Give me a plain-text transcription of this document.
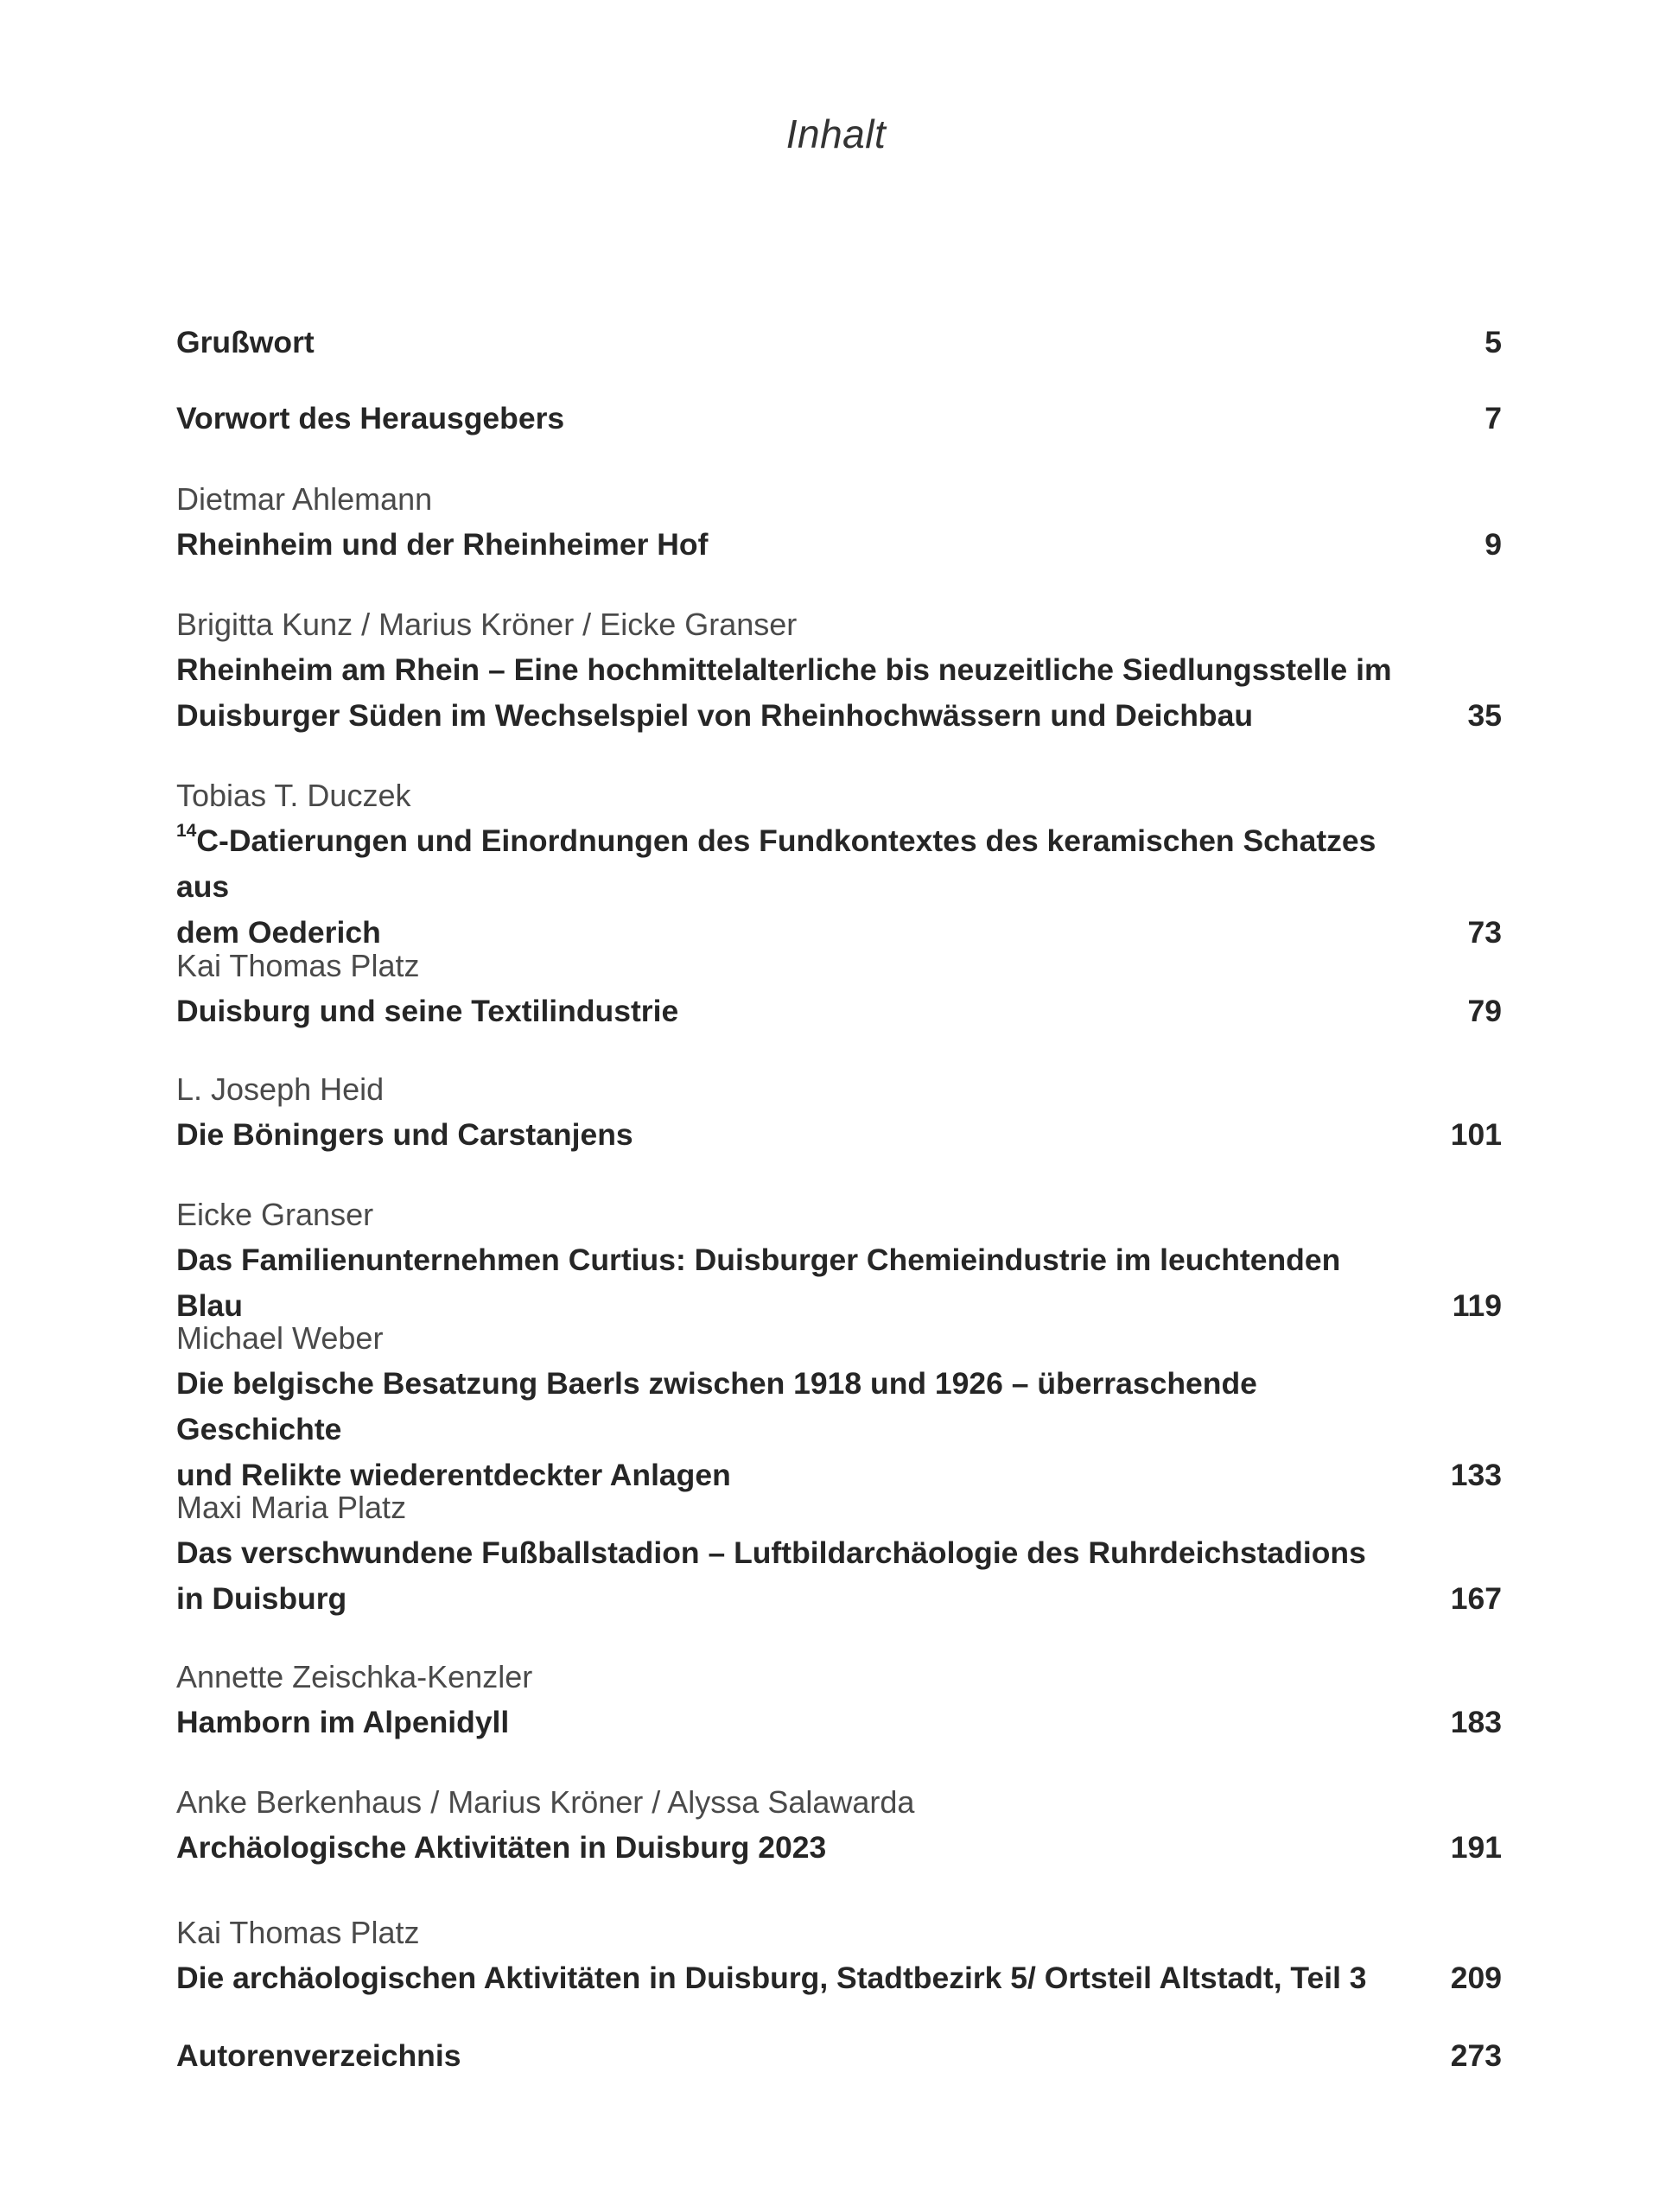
Inhalt
Grußwort	5
Vorwort des Herausgebers	7
Dietmar Ahlemann
Rheinheim und der Rheinheimer Hof	9
Brigitta Kunz / Marius Kröner / Eicke Granser
Rheinheim am Rhein – Eine hochmittelalterliche bis neuzeitliche Siedlungsstelle im
Duisburger Süden im Wechselspiel von Rheinhochwässern und Deichbau	35
Tobias T. Duczek
$^{14}$C-Datierungen und Einordnungen des Fundkontextes des keramischen Schatzes aus
dem Oederich	73
Kai Thomas Platz
Duisburg und seine Textilindustrie	79
L. Joseph Heid
Die Böningers und Carstanjens	101
Eicke Granser
Das Familienunternehmen Curtius: Duisburger Chemieindustrie im leuchtenden Blau	119
Michael Weber
Die belgische Besatzung Baerls zwischen 1918 und 1926 – überraschende Geschichte
und Relikte wiederentdeckter Anlagen	133
Maxi Maria Platz
Das verschwundene Fußballstadion – Luftbildarchäologie des Ruhrdeichstadions
in Duisburg	167
Annette Zeischka-Kenzler
Hamborn im Alpenidyll	183
Anke Berkenhaus / Marius Kröner / Alyssa Salawarda
Archäologische Aktivitäten in Duisburg 2023	191
Kai Thomas Platz
Die archäologischen Aktivitäten in Duisburg, Stadtbezirk 5/ Ortsteil Altstadt, Teil 3	209
Autorenverzeichnis	273
